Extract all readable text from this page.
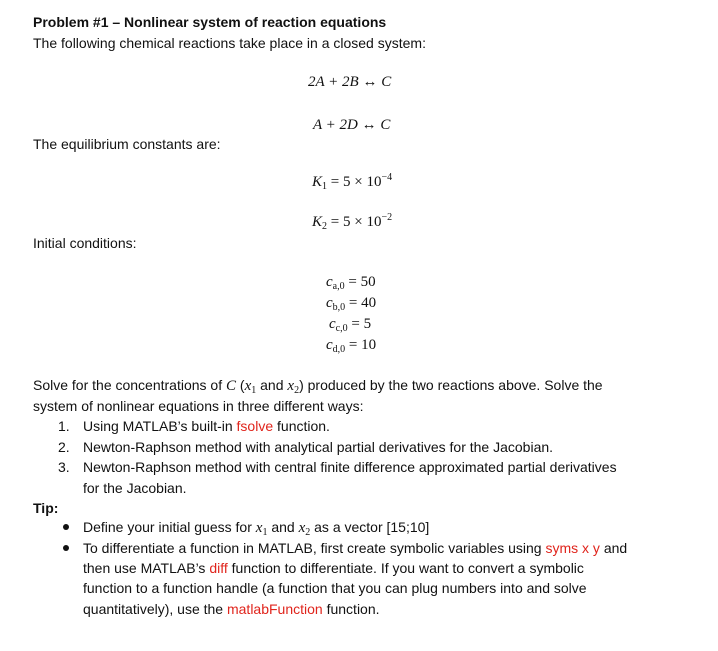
Problem #1 – Nonlinear system of reaction equations
The following chemical reactions take place in a closed system:
2A + 2B ↔ C
A + 2D ↔ C
The equilibrium constants are:
$K_1 = 5 \times 10^{-4}$
$K_2 = 5 \times 10^{-2}$
Initial conditions:
$c_{a,0} = 50$
$c_{b,0} = 40$
$c_{c,0} = 5$
$c_{d,0} = 10$
Solve for the concentrations of C ($x_1$ and $x_2$) produced by the two reactions above. Solve the
system of nonlinear equations in three different ways:
1. Using MATLAB’s built-in fsolve function.
2. Newton-Raphson method with analytical partial derivatives for the Jacobian.
3. Newton-Raphson method with central finite difference approximated partial derivatives
for the Jacobian.
Tip:
Define your initial guess for $x_1$ and $x_2$ as a vector [15;10]
To differentiate a function in MATLAB, first create symbolic variables using syms x y and
then use MATLAB’s diff function to differentiate. If you want to convert a symbolic
function to a function handle (a function that you can plug numbers into and solve
quantitatively), use the matlabFunction function.
